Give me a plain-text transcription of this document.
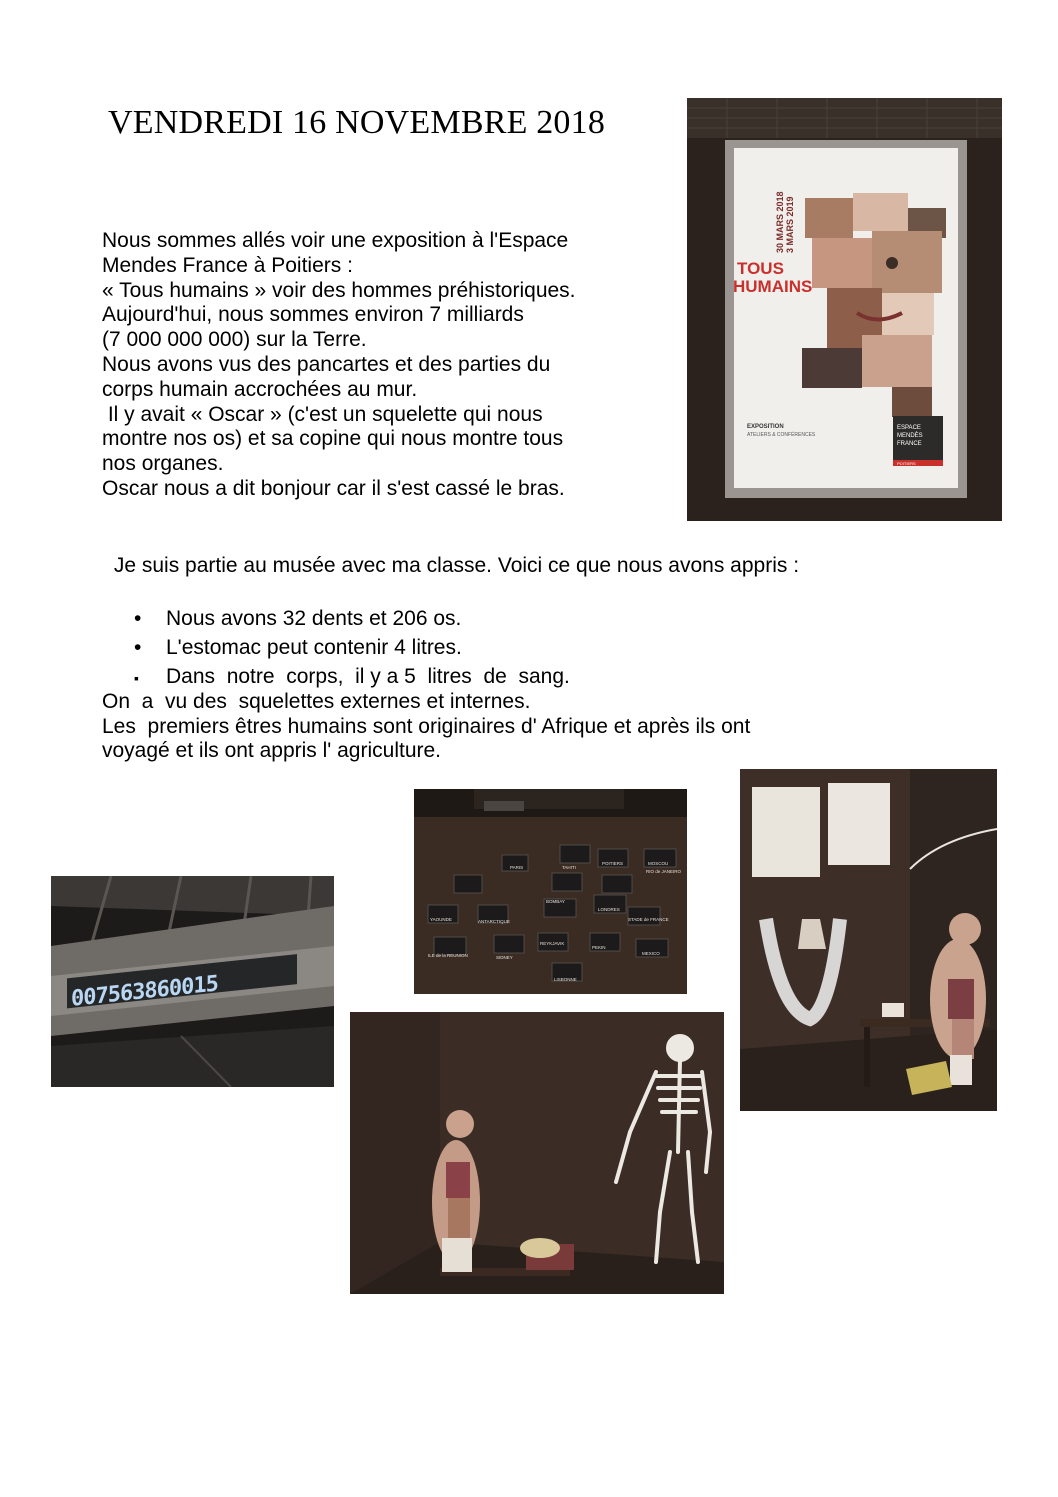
VENDREDI 16 NOVEMBRE 2018
Nous sommes allés voir une exposition à l'Espace
Mendes France à Poitiers :
« Tous humains » voir des hommes préhistoriques.
Aujourd'hui, nous sommes environ 7 milliards
(7 000 000 000) sur la Terre.
Nous avons vus des pancartes et des parties du
corps humain accrochées au mur.
Il y avait « Oscar » (c'est un squelette qui nous
montre nos os) et sa copine qui nous montre tous
nos organes.
Oscar nous a dit bonjour car il s'est cassé le bras.
TOUS
HUMAINS
30 MARS 2018 3 MARS 2019
EXPOSITION
ATELIERS & CONFÉRENCES
ESPACE
MENDÈS
FRANCE
POITIERS

Je suis partie au musée avec ma classe. Voici ce que nous avons appris :

• Nous avons 32 dents et 206 os.
• L'estomac peut contenir 4 litres.
▪ Dans  notre  corps,  il y a 5  litres  de  sang.
On  a  vu des  squelettes externes et internes.
Les  premiers êtres humains sont originaires d' Afrique et après ils ont
voyagé et ils ont appris l' agriculture.
PARIS	TAHITI
POITIERS	MOSCOU
RIO de JANEIRO
YAOUNDE
BOMBAY
LONDRES
STADE de FRANCE
ANTARCTIQUE
REYKJAVIK
PEKIN
ILE de la REUNION	SIDNEY
MEXICO
LISBONNE
007563860015
